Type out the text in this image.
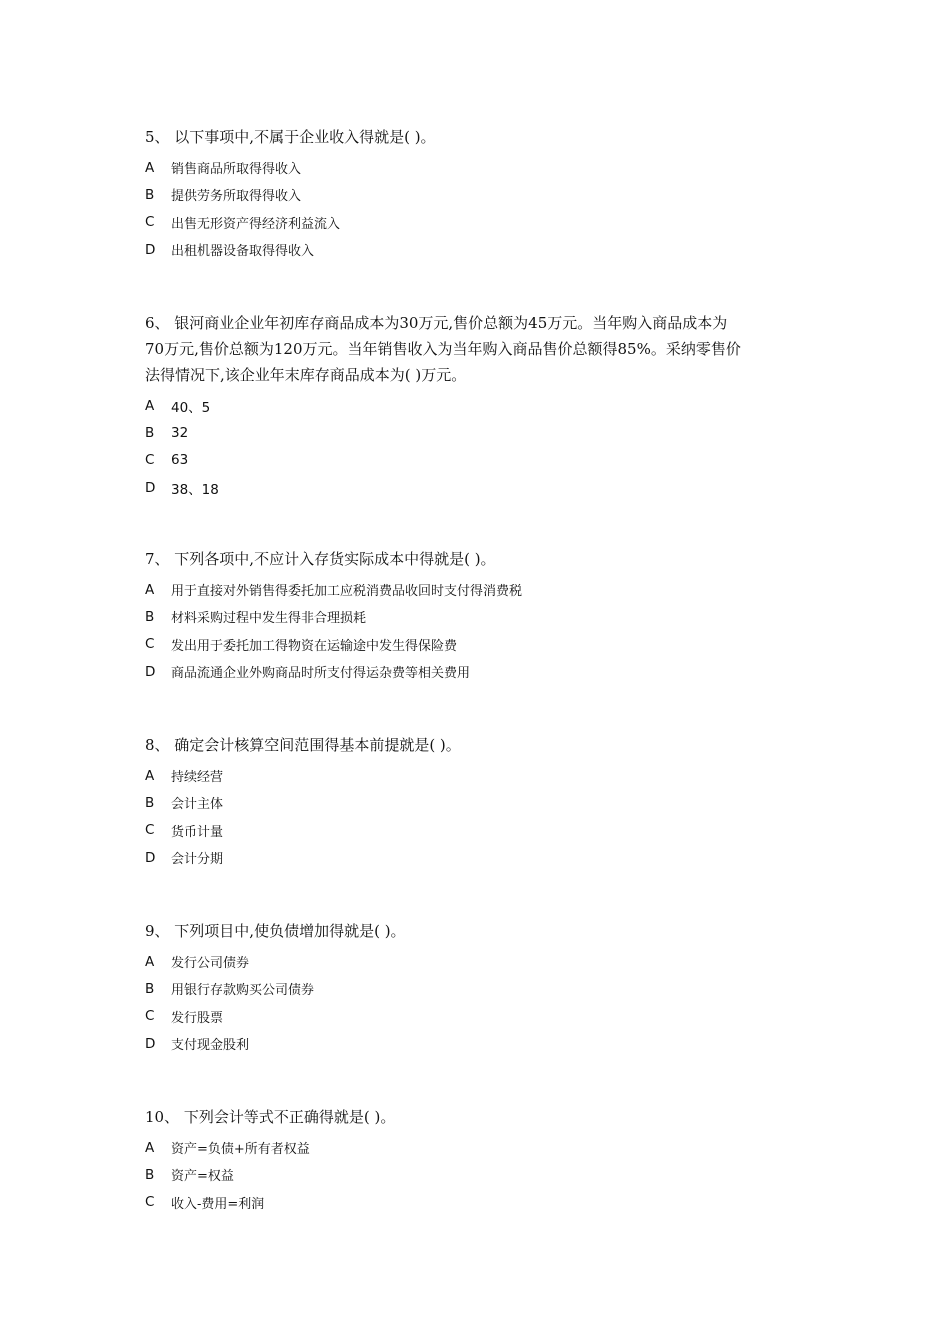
5、 以下事项中,不属于企业收入得就是( )。

A	销售商品所取得得收入
B	提供劳务所取得得收入
C	出售无形资产得经济利益流入
D	出租机器设备取得得收入

6、 银河商业企业年初库存商品成本为30万元,售价总额为45万元。当年购入商品成本为70万元,售价总额为120万元。当年销售收入为当年购入商品售价总额得85%。采纳零售价法得情况下,该企业年末库存商品成本为( )万元。

A	40、5
B	32
C	63
D	38、18

7、 下列各项中,不应计入存货实际成本中得就是( )。

A	用于直接对外销售得委托加工应税消费品收回时支付得消费税
B	材料采购过程中发生得非合理损耗
C	发出用于委托加工得物资在运输途中发生得保险费
D	商品流通企业外购商品时所支付得运杂费等相关费用

8、 确定会计核算空间范围得基本前提就是( )。

A	持续经营
B	会计主体
C	货币计量
D	会计分期

9、 下列项目中,使负债增加得就是( )。

A	发行公司债券
B	用银行存款购买公司债券
C	发行股票
D	支付现金股利

10、 下列会计等式不正确得就是( )。

A	资产=负债+所有者权益
B	资产=权益
C	收入-费用=利润
